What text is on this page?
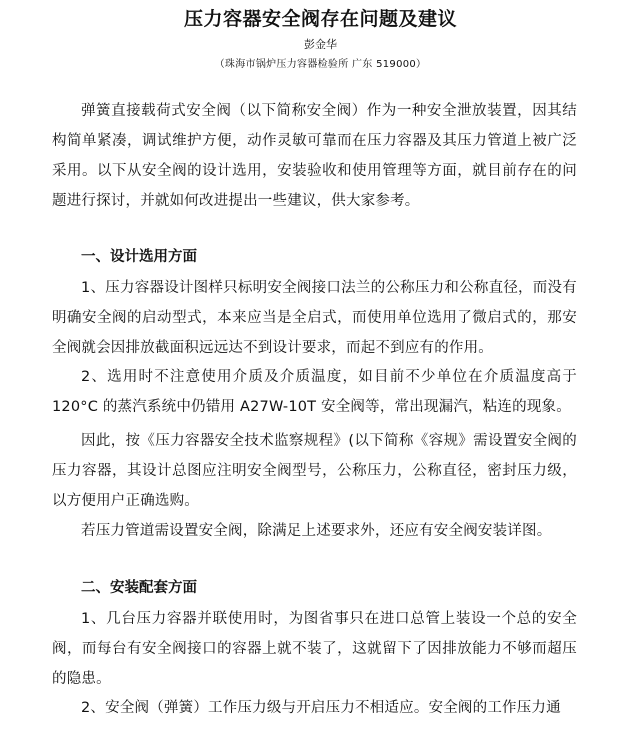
压力容器安全阀存在问题及建议
彭金华
（珠海市锅炉压力容器检验所 广东 519000）

弹簧直接载荷式安全阀（以下简称安全阀）作为一种安全泄放装置，因其结构简单紧凑，调试维护方便，动作灵敏可靠而在压力容器及其压力管道上被广泛采用。以下从安全阀的设计选用，安装验收和使用管理等方面，就目前存在的问题进行探讨，并就如何改进提出一些建议，供大家参考。

一、设计选用方面

1、压力容器设计图样只标明安全阀接口法兰的公称压力和公称直径，而没有明确安全阀的启动型式，本来应当是全启式，而使用单位选用了微启式的，那安全阀就会因排放截面积远远达不到设计要求，而起不到应有的作用。

2、选用时不注意使用介质及介质温度，如目前不少单位在介质温度高于120°C 的蒸汽系统中仍错用 A27W-10T 安全阀等，常出现漏汽，粘连的现象。

因此，按《压力容器安全技术监察规程》(以下简称《容规》需设置安全阀的压力容器，其设计总图应注明安全阀型号，公称压力，公称直径，密封压力级，以方便用户正确选购。

若压力管道需设置安全阀，除满足上述要求外，还应有安全阀安装详图。

二、安装配套方面

1、几台压力容器并联使用时，为图省事只在进口总管上装设一个总的安全阀，而每台有安全阀接口的容器上就不装了，这就留下了因排放能力不够而超压的隐患。

2、安全阀（弹簧）工作压力级与开启压力不相适应。安全阀的工作压力通
